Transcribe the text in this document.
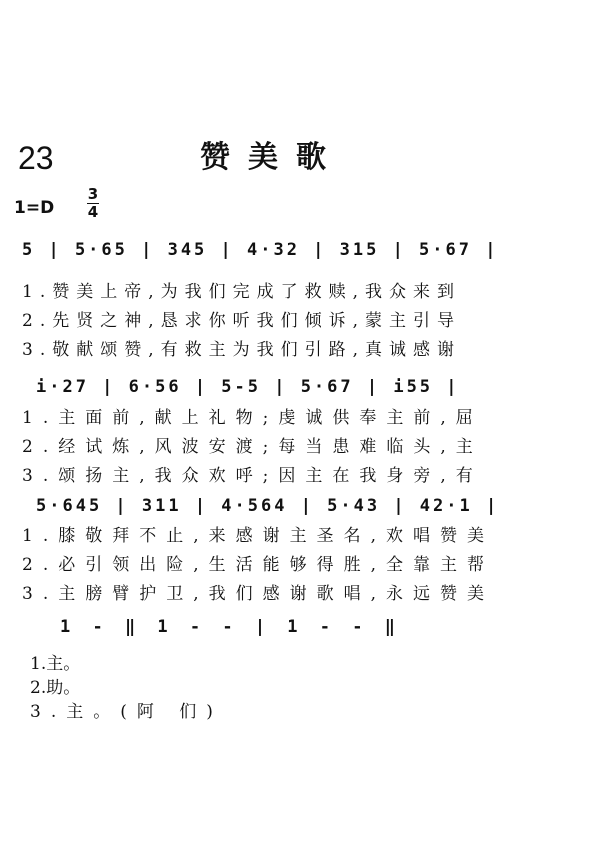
23	赞美歌
1=D
3
4
5 | 5·65 | 345 | 4·32 | 315 | 5·67 |
1.赞美上帝,为我们完成了救赎,我众来到
2.先贤之神,恳求你听我们倾诉,蒙主引导
3.敬献颂赞,有救主为我们引路,真诚感谢
i·27 | 6·56 | 5-5 | 5·67 | i55 |
1.主面前,献上礼物;虔诚供奉主前,屈
2.经试炼,风波安渡;每当患难临头,主
3.颂扬主,我众欢呼;因主在我身旁,有
5·645 | 311 | 4·564 | 5·43 | 42·1 |
1.膝敬拜不止,来感谢主圣名,欢唱赞美
2.必引领出险,生活能够得胜,全靠主帮
3.主膀臂护卫,我们感谢歌唱,永远赞美
1 - ‖ 1 - - | 1 - - ‖
1.主。
2.助。
3.主。(阿 们)
